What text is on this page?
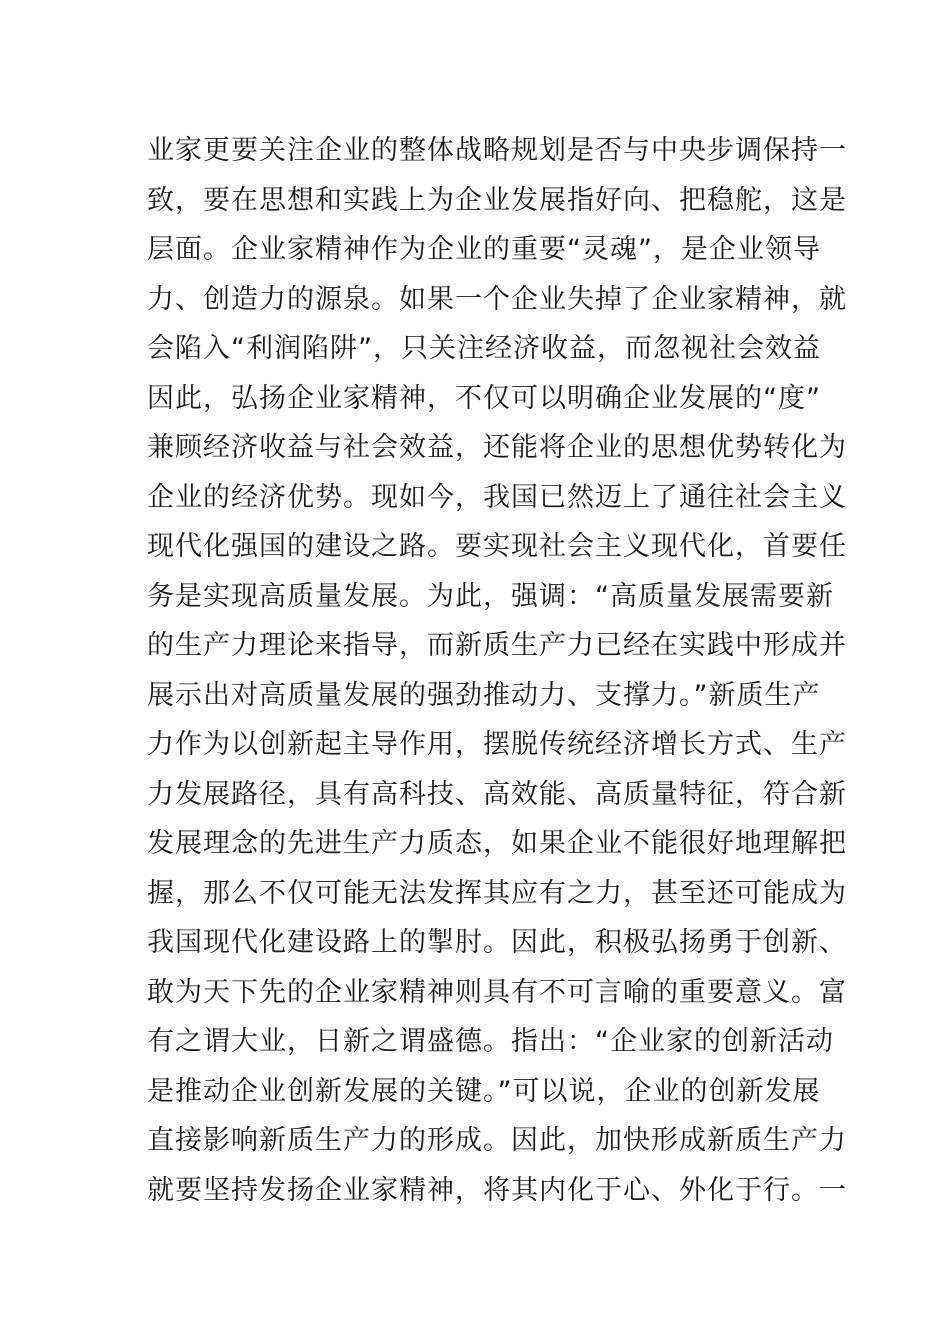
业家更要关注企业的整体战略规划是否与中央步调保持一
致，要在思想和实践上为企业发展指好向、把稳舵，这是
层面。企业家精神作为企业的重要“灵魂”，是企业领导
力、创造力的源泉。如果一个企业失掉了企业家精神，就
会陷入“利润陷阱”，只关注经济收益，而忽视社会效益
因此，弘扬企业家精神，不仅可以明确企业发展的“度”
兼顾经济收益与社会效益，还能将企业的思想优势转化为
企业的经济优势。现如今，我国已然迈上了通往社会主义
现代化强国的建设之路。要实现社会主义现代化，首要任
务是实现高质量发展。为此，强调：“高质量发展需要新
的生产力理论来指导，而新质生产力已经在实践中形成并
展示出对高质量发展的强劲推动力、支撑力。”新质生产
力作为以创新起主导作用，摆脱传统经济增长方式、生产
力发展路径，具有高科技、高效能、高质量特征，符合新
发展理念的先进生产力质态，如果企业不能很好地理解把
握，那么不仅可能无法发挥其应有之力，甚至还可能成为
我国现代化建设路上的掣肘。因此，积极弘扬勇于创新、
敢为天下先的企业家精神则具有不可言喻的重要意义。富
有之谓大业，日新之谓盛德。指出：“企业家的创新活动
是推动企业创新发展的关键。”可以说，企业的创新发展
直接影响新质生产力的形成。因此，加快形成新质生产力
就要坚持发扬企业家精神，将其内化于心、外化于行。一
